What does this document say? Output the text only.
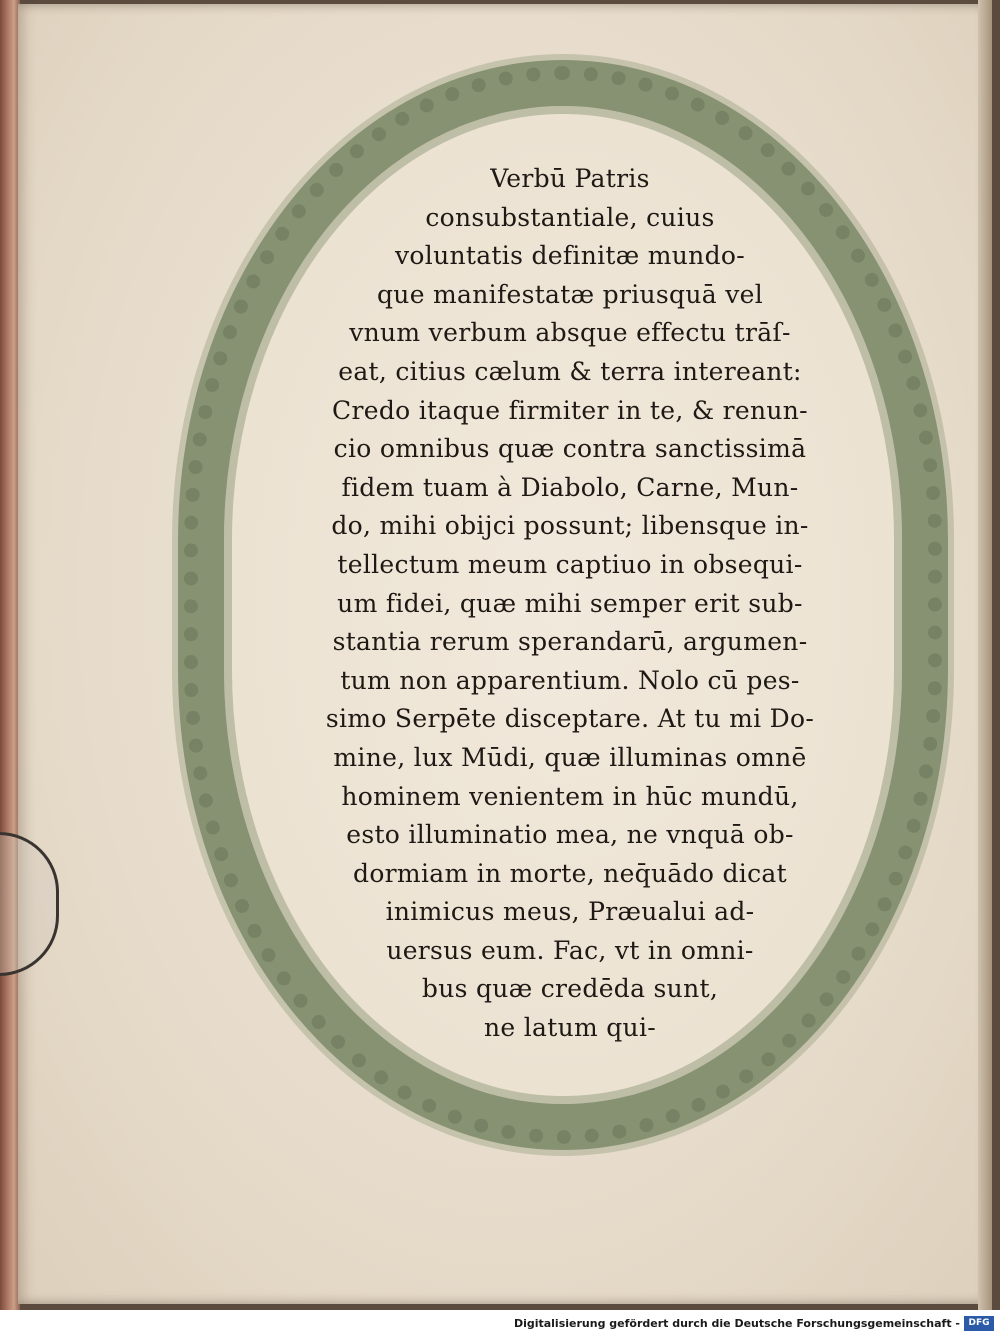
Verbū Patris
consubstantiale, cuius
voluntatis definitæ mundo-
que manifestatæ priusquā vel
vnum verbum absque effectu trāſ-
eat, citius cælum & terra intereant:
Credo itaque firmiter in te, & renun-
cio omnibus quæ contra sanctissimā
fidem tuam à Diabolo, Carne, Mun-
do, mihi obijci possunt; libensque in-
tellectum meum captiuo in obsequi-
um fidei, quæ mihi semper erit sub-
stantia rerum sperandarū, argumen-
tum non apparentium. Nolo cū pes-
simo Serpēte disceptare. At tu mi Do-
mine, lux Mūdi, quæ illuminas omnē
hominem venientem in hūc mundū,
esto illuminatio mea, ne vnquā ob-
dormiam in morte, neq̄uādo dicat
inimicus meus, Præualui ad-
uersus eum. Fac, vt in omni-
bus quæ credēda sunt,
ne latum qui-
Digitalisierung gefördert durch die Deutsche Forschungsgemeinschaft - DFG
